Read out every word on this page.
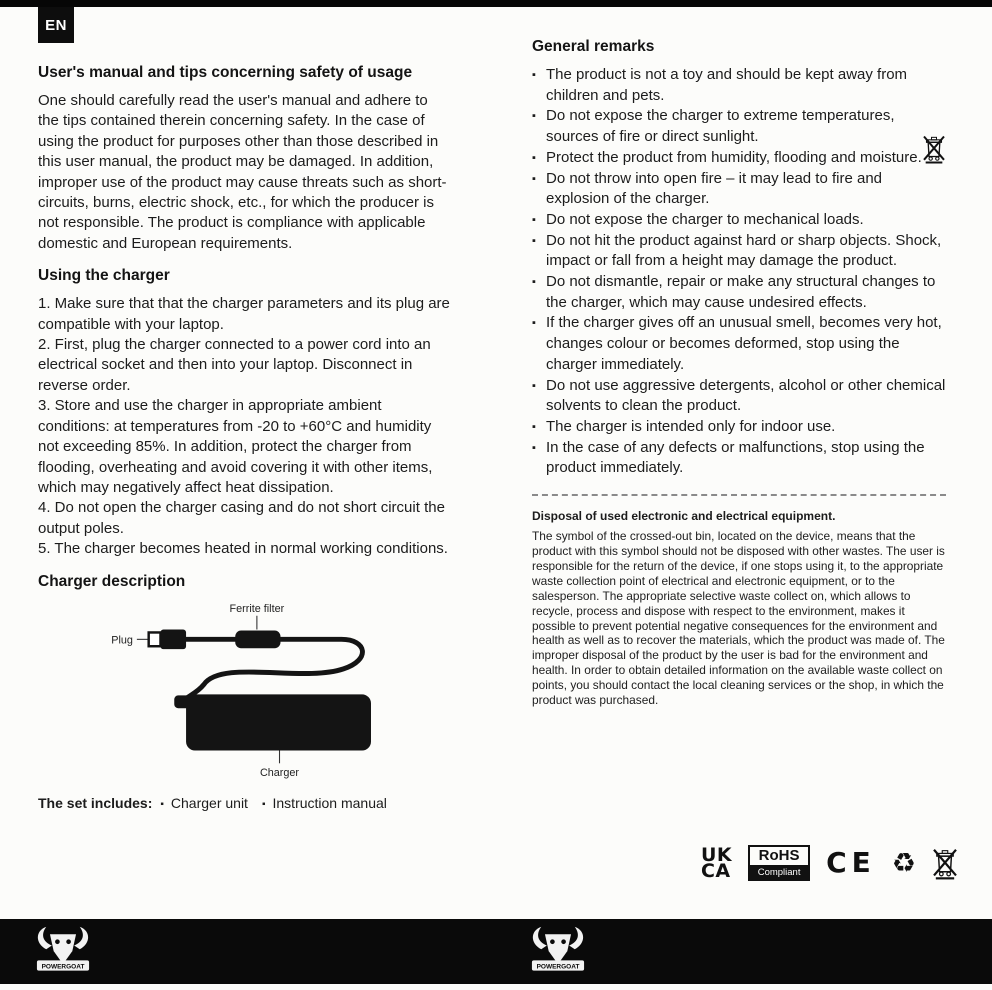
EN
User's manual and tips concerning safety of usage

One should carefully read the user's manual and adhere to the tips contained therein concerning safety. In the case of using the product for purposes other than those described in this user manual, the product may be damaged. In addition, improper use of the product may cause threats such as short-circuits, burns, electric shock, etc., for which the producer is not responsible. The product is compliance with applicable domestic and European requirements.

Using the charger

1. Make sure that that the charger parameters and its plug are compatible with your laptop.

2. First, plug the charger connected to a power cord into an electrical socket and then into your laptop. Disconnect in reverse order.

3. Store and use the charger in appropriate ambient conditions: at temperatures from -20 to +60°C and humidity not exceeding 85%. In addition, protect the charger from flooding, overheating and avoid covering it with other items, which may negatively affect heat dissipation.

4. Do not open the charger casing and do not short circuit the output poles.

5. The charger becomes heated in normal working conditions.

Charger description
Ferrite filter
Plug
Charger
The set includes: ▪ Charger unit ▪ Instruction manual
General remarks
▪ The product is not a toy and should be kept away from children and pets.
▪ Do not expose the charger to extreme temperatures, sources of fire or direct sunlight.
▪ Protect the product from humidity, flooding and moisture.
▪ Do not throw into open fire – it may lead to fire and explosion of the charger.
▪ Do not expose the charger to mechanical loads.
▪ Do not hit the product against hard or sharp objects. Shock, impact or fall from a height may damage the product.
▪ Do not dismantle, repair or make any structural changes to the charger, which may cause undesired effects.
▪ If the charger gives off an unusual smell, becomes very hot, changes colour or becomes deformed, stop using the charger immediately.
▪ Do not use aggressive detergents, alcohol or other chemical solvents to clean the product.
▪ The charger is intended only for indoor use.
▪ In the case of any defects or malfunctions, stop using the product immediately.
Disposal of used electronic and electrical equipment.

The symbol of the crossed-out bin, located on the device, means that the product with this symbol should not be disposed with other wastes. The user is responsible for the return of the device, if one stops using it, to the appropriate waste collection point of electrical and electronic equipment, or to the salesperson. The appropriate selective waste collect on, which allows to recycle, process and dispose with respect to the environment, makes it possible to prevent potential negative consequences for the environment and health as well as to recover the materials, which the product was made of. The improper disposal of the product by the user is bad for the environment and health. In order to obtain detailed information on the available waste collect on points, you should contact the local cleaning services or the shop, in which the product was purchased.

UK
CA
RoHS
Compliant CE ♻
POWERGOAT	POWERGOAT
